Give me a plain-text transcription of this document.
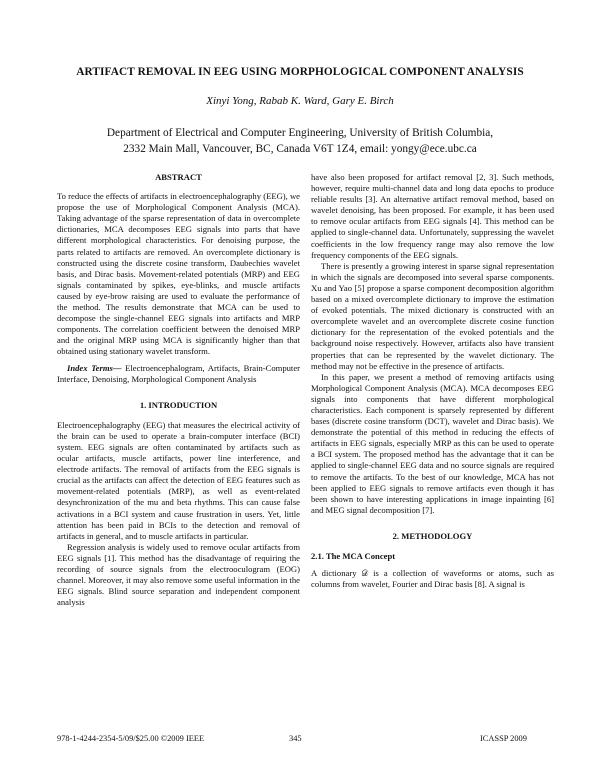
ARTIFACT REMOVAL IN EEG USING MORPHOLOGICAL COMPONENT ANALYSIS
Xinyi Yong, Rabab K. Ward, Gary E. Birch
Department of Electrical and Computer Engineering, University of British Columbia,
2332 Main Mall, Vancouver, BC, Canada V6T 1Z4, email: yongy@ece.ubc.ca

ABSTRACT

To reduce the effects of artifacts in electroencephalography (EEG), we propose the use of Morphological Component Analysis (MCA). Taking advantage of the sparse representation of data in overcomplete dictionaries, MCA decomposes EEG signals into parts that have different morphological characteristics. For denoising purpose, the parts related to artifacts are removed. An overcomplete dictionary is constructed using the discrete cosine transform, Daubechies wavelet basis, and Dirac basis. Movement-related potentials (MRP) and EEG signals contaminated by spikes, eye-blinks, and muscle artifacts caused by eye-brow raising are used to evaluate the performance of the method. The results demonstrate that MCA can be used to decompose the single-channel EEG signals into artifacts and MRP components. The correlation coefficient between the denoised MRP and the original MRP using MCA is significantly higher than that obtained using stationary wavelet transform.

Index Terms— Electroencephalogram, Artifacts, Brain-Computer Interface, Denoising, Morphological Component Analysis

1. INTRODUCTION

Electroencephalography (EEG) that measures the electrical activity of the brain can be used to operate a brain-computer interface (BCI) system. EEG signals are often contaminated by artifacts such as ocular artifacts, muscle artifacts, power line interference, and electrode artifacts. The removal of artifacts from the EEG signals is crucial as the artifacts can affect the detection of EEG features such as movement-related potentials (MRP), as well as event-related desynchronization of the mu and beta rhythms. This can cause false activations in a BCI system and cause frustration in users. Yet, little attention has been paid in BCIs to the detection and removal of artifacts in general, and to muscle artifacts in particular.

Regression analysis is widely used to remove ocular artifacts from EEG signals [1]. This method has the disadvantage of requiring the recording of source signals from the electrooculogram (EOG) channel. Moreover, it may also remove some useful information in the EEG signals. Blind source separation and independent component analysis

have also been proposed for artifact removal [2, 3]. Such methods, however, require multi-channel data and long data epochs to produce reliable results [3]. An alternative artifact removal method, based on wavelet denoising, has been proposed. For example, it has been used to remove ocular artifacts from EEG signals [4]. This method can be applied to single-channel data. Unfortunately, suppressing the wavelet coefficients in the low frequency range may also remove the low frequency components of the EEG signals.

There is presently a growing interest in sparse signal representation in which the signals are decomposed into several sparse components. Xu and Yao [5] propose a sparse component decomposition algorithm based on a mixed overcomplete dictionary to improve the estimation of evoked potentials. The mixed dictionary is constructed with an overcomplete wavelet and an overcomplete discrete cosine function dictionary for the representation of the evoked potentials and the background noise respectively. However, artifacts also have transient properties that can be represented by the wavelet dictionary. The method may not be effective in the presence of artifacts.

In this paper, we present a method of removing artifacts using Morphological Component Analysis (MCA). MCA decomposes EEG signals into components that have different morphological characteristics. Each component is sparsely represented by different bases (discrete cosine transform (DCT), wavelet and Dirac basis). We demonstrate the potential of this method in reducing the effects of artifacts in EEG signals, especially MRP as this can be used to operate a BCI system. The proposed method has the advantage that it can be applied to single-channel EEG data and no source signals are required to remove the artifacts. To the best of our knowledge, MCA has not been applied to EEG signals to remove artifacts even though it has been shown to have interesting applications in image inpainting [6] and MEG signal decomposition [7].

2. METHODOLOGY

2.1. The MCA Concept

A dictionary 𝒟 is a collection of waveforms or atoms, such as columns from wavelet, Fourier and Dirac basis [8]. A signal is

978-1-4244-2354-5/09/$25.00 ©2009 IEEE	345	ICASSP 2009
